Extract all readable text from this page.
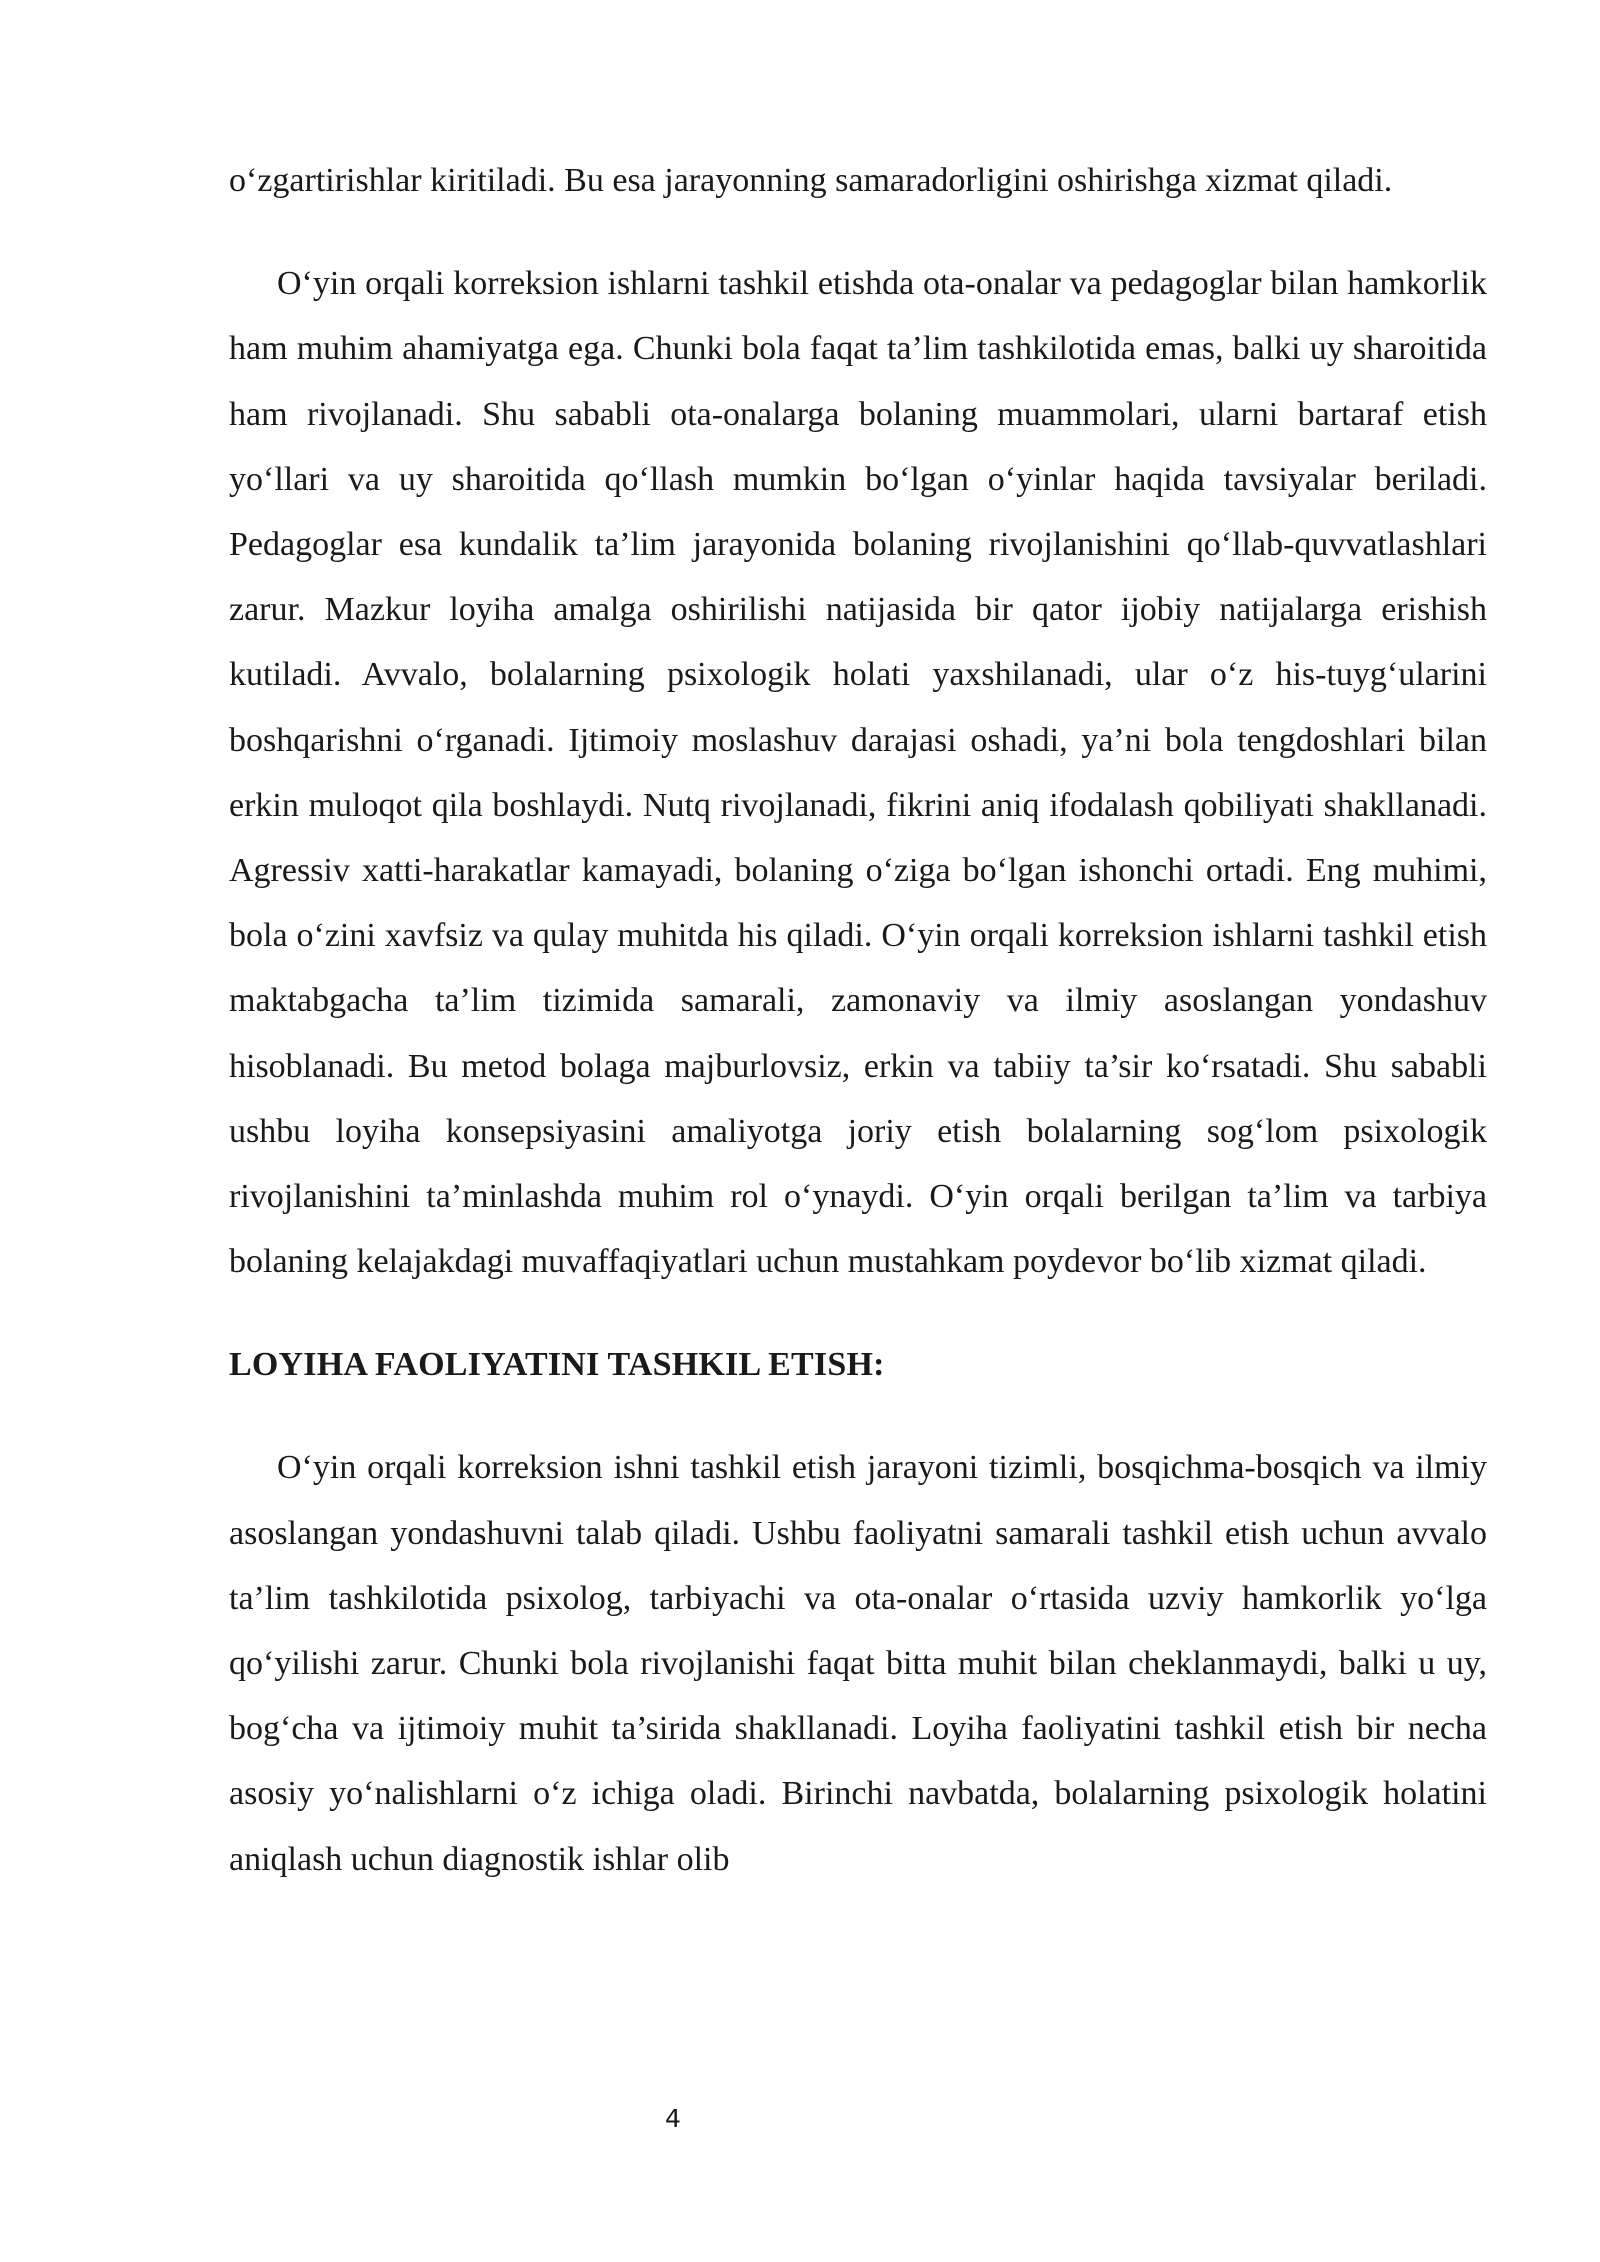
o‘zgartirishlar kiritiladi. Bu esa jarayonning samaradorligini oshirishga xizmat qiladi.

O‘yin orqali korreksion ishlarni tashkil etishda ota-onalar va pedagoglar bilan hamkorlik ham muhim ahamiyatga ega. Chunki bola faqat ta’lim tashkilotida emas, balki uy sharoitida ham rivojlanadi. Shu sababli ota-onalarga bolaning muammolari, ularni bartaraf etish yo‘llari va uy sharoitida qo‘llash mumkin bo‘lgan o‘yinlar haqida tavsiyalar beriladi. Pedagoglar esa kundalik ta’lim jarayonida bolaning rivojlanishini qo‘llab-quvvatlashlari zarur. Mazkur loyiha amalga oshirilishi natijasida bir qator ijobiy natijalarga erishish kutiladi. Avvalo, bolalarning psixologik holati yaxshilanadi, ular o‘z his-tuyg‘ularini boshqarishni o‘rganadi. Ijtimoiy moslashuv darajasi oshadi, ya’ni bola tengdoshlari bilan erkin muloqot qila boshlaydi. Nutq rivojlanadi, fikrini aniq ifodalash qobiliyati shakllanadi. Agressiv xatti-harakatlar kamayadi, bolaning o‘ziga bo‘lgan ishonchi ortadi. Eng muhimi, bola o‘zini xavfsiz va qulay muhitda his qiladi. O‘yin orqali korreksion ishlarni tashkil etish maktabgacha ta’lim tizimida samarali, zamonaviy va ilmiy asoslangan yondashuv hisoblanadi. Bu metod bolaga majburlovsiz, erkin va tabiiy ta’sir ko‘rsatadi. Shu sababli ushbu loyiha konsepsiyasini amaliyotga joriy etish bolalarning sog‘lom psixologik rivojlanishini ta’minlashda muhim rol o‘ynaydi. O‘yin orqali berilgan ta’lim va tarbiya bolaning kelajakdagi muvaffaqiyatlari uchun mustahkam poydevor bo‘lib xizmat qiladi.

LOYIHA FAOLIYATINI TASHKIL ETISH:

O‘yin orqali korreksion ishni tashkil etish jarayoni tizimli, bosqichma-bosqich va ilmiy asoslangan yondashuvni talab qiladi. Ushbu faoliyatni samarali tashkil etish uchun avvalo ta’lim tashkilotida psixolog, tarbiyachi va ota-onalar o‘rtasida uzviy hamkorlik yo‘lga qo‘yilishi zarur. Chunki bola rivojlanishi faqat bitta muhit bilan cheklanmaydi, balki u uy, bog‘cha va ijtimoiy muhit ta’sirida shakllanadi. Loyiha faoliyatini tashkil etish bir necha asosiy yo‘nalishlarni o‘z ichiga oladi. Birinchi navbatda, bolalarning psixologik holatini aniqlash uchun diagnostik ishlar olib

4
